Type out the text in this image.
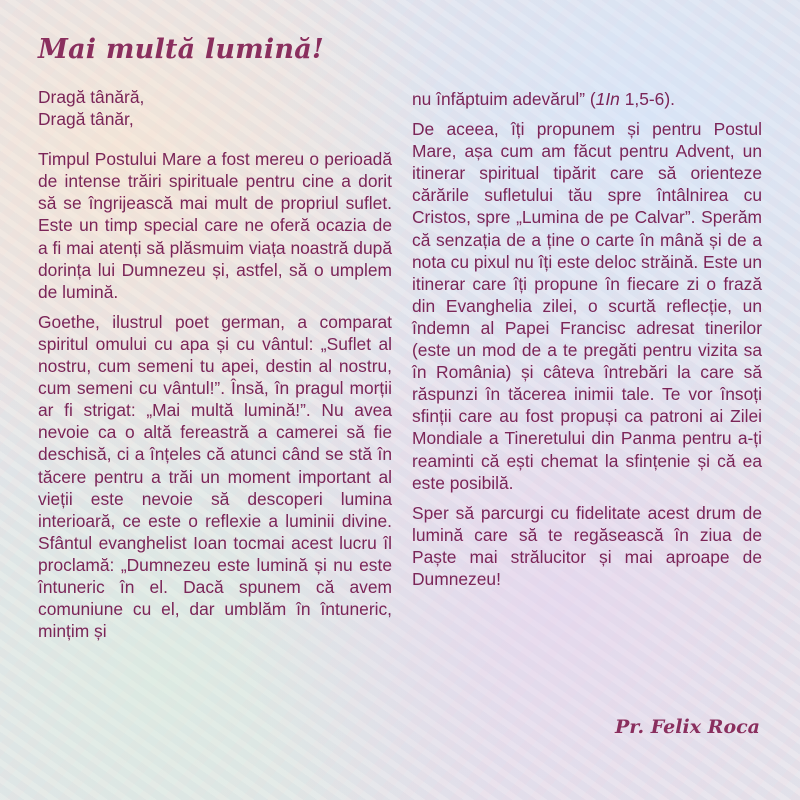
Mai multă lumină!

Dragă tânără,
Dragă tânăr,

Timpul Postului Mare a fost mereu o perioadă de intense trăiri spirituale pentru cine a dorit să se îngrijească mai mult de propriul suflet. Este un timp special care ne oferă ocazia de a fi mai atenți să plăsmuim viața noastră după dorința lui Dumnezeu și, astfel, să o umplem de lumină.

Goethe, ilustrul poet german, a comparat spiritul omului cu apa și cu vântul: „Suflet al nostru, cum semeni tu apei, destin al nostru, cum semeni cu vântul!”. Însă, în pragul morții ar fi strigat: „Mai multă lumină!”. Nu avea nevoie ca o altă fereastră a camerei să fie deschisă, ci a înțeles că atunci când se stă în tăcere pentru a trăi un moment important al vieții este nevoie să descoperi lumina interioară, ce este o reflexie a luminii divine. Sfântul evanghelist Ioan tocmai acest lucru îl proclamă: „Dumnezeu este lumină și nu este întuneric în el. Dacă spunem că avem comuniune cu el, dar umblăm în întuneric, mințim și

nu înfăptuim adevărul” (1In 1,5-6).

De aceea, îți propunem și pentru Postul Mare, așa cum am făcut pentru Advent, un itinerar spiritual tipărit care să orienteze cărările sufletului tău spre întâlnirea cu Cristos, spre „Lumina de pe Calvar”. Sperăm că senzația de a ține o carte în mână și de a nota cu pixul nu îți este deloc străină. Este un itinerar care îți propune în fiecare zi o frază din Evanghelia zilei, o scurtă reflecție, un îndemn al Papei Francisc adresat tinerilor (este un mod de a te pregăti pentru vizita sa în România) și câteva întrebări la care să răspunzi în tăcerea inimii tale. Te vor însoți sfinții care au fost propuși ca patroni ai Zilei Mondiale a Tineretului din Panma pentru a-ți reaminti că ești chemat la sfințenie și că ea este posibilă.

Sper să parcurgi cu fidelitate acest drum de lumină care să te regăsească în ziua de Paște mai strălucitor și mai aproape de Dumnezeu!

Pr. Felix Roca
